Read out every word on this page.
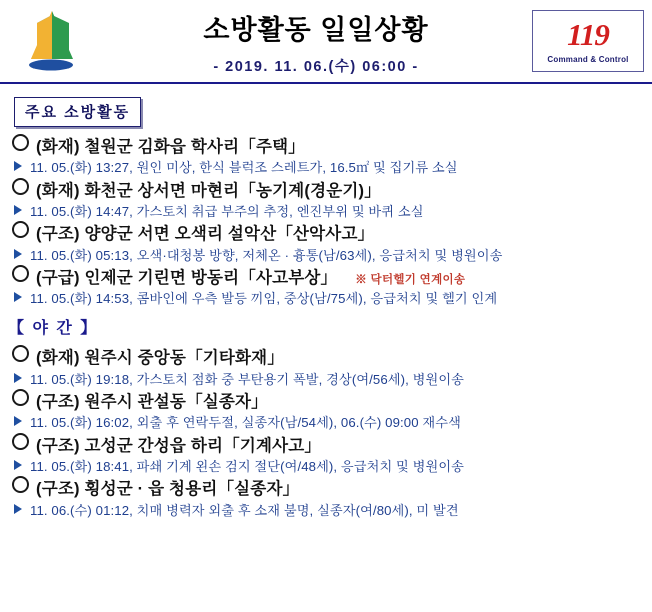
소방활동 일일상황
- 2019. 11. 06.(수) 06:00 -
119
Command & Control
주요 소방활동
(화재) 철원군 김화읍 학사리「주택」
11. 05.(화) 13:27, 원인 미상, 한식 블럭조 스레트가, 16.5㎡ 및 집기류 소실
(화재) 화천군 상서면 마현리「농기계(경운기)」
11. 05.(화) 14:47, 가스토치 취급 부주의 추정, 엔진부위 및 바퀴 소실
(구조) 양양군 서면 오색리 설악산「산악사고」
11. 05.(화) 05:13, 오색·대청봉 방향, 저체온 · 흉통(남/63세), 응급처치 및 병원이송
(구급) 인제군 기린면 방동리「사고부상」 ※ 닥터헬기 연계이송
11. 05.(화) 14:53, 콤바인에 우측 발등 끼임, 중상(남/75세), 응급처치 및 헬기 인계
【 야 간 】
(화재) 원주시 중앙동「기타화재」
11. 05.(화) 19:18, 가스토치 점화 중 부탄용기 폭발, 경상(여/56세), 병원이송
(구조) 원주시 관설동「실종자」
11. 05.(화) 16:02, 외출 후 연락두절, 실종자(남/54세), 06.(수) 09:00 재수색
(구조) 고성군 간성읍 하리「기계사고」
11. 05.(화) 18:41, 파쇄 기계 왼손 검지 절단(여/48세), 응급처치 및 병원이송
(구조) 횡성군 · 읍 청용리「실종자」
11. 06.(수) 01:12, 치매 병력자 외출 후 소재 불명, 실종자(여/80세), 미 발견
